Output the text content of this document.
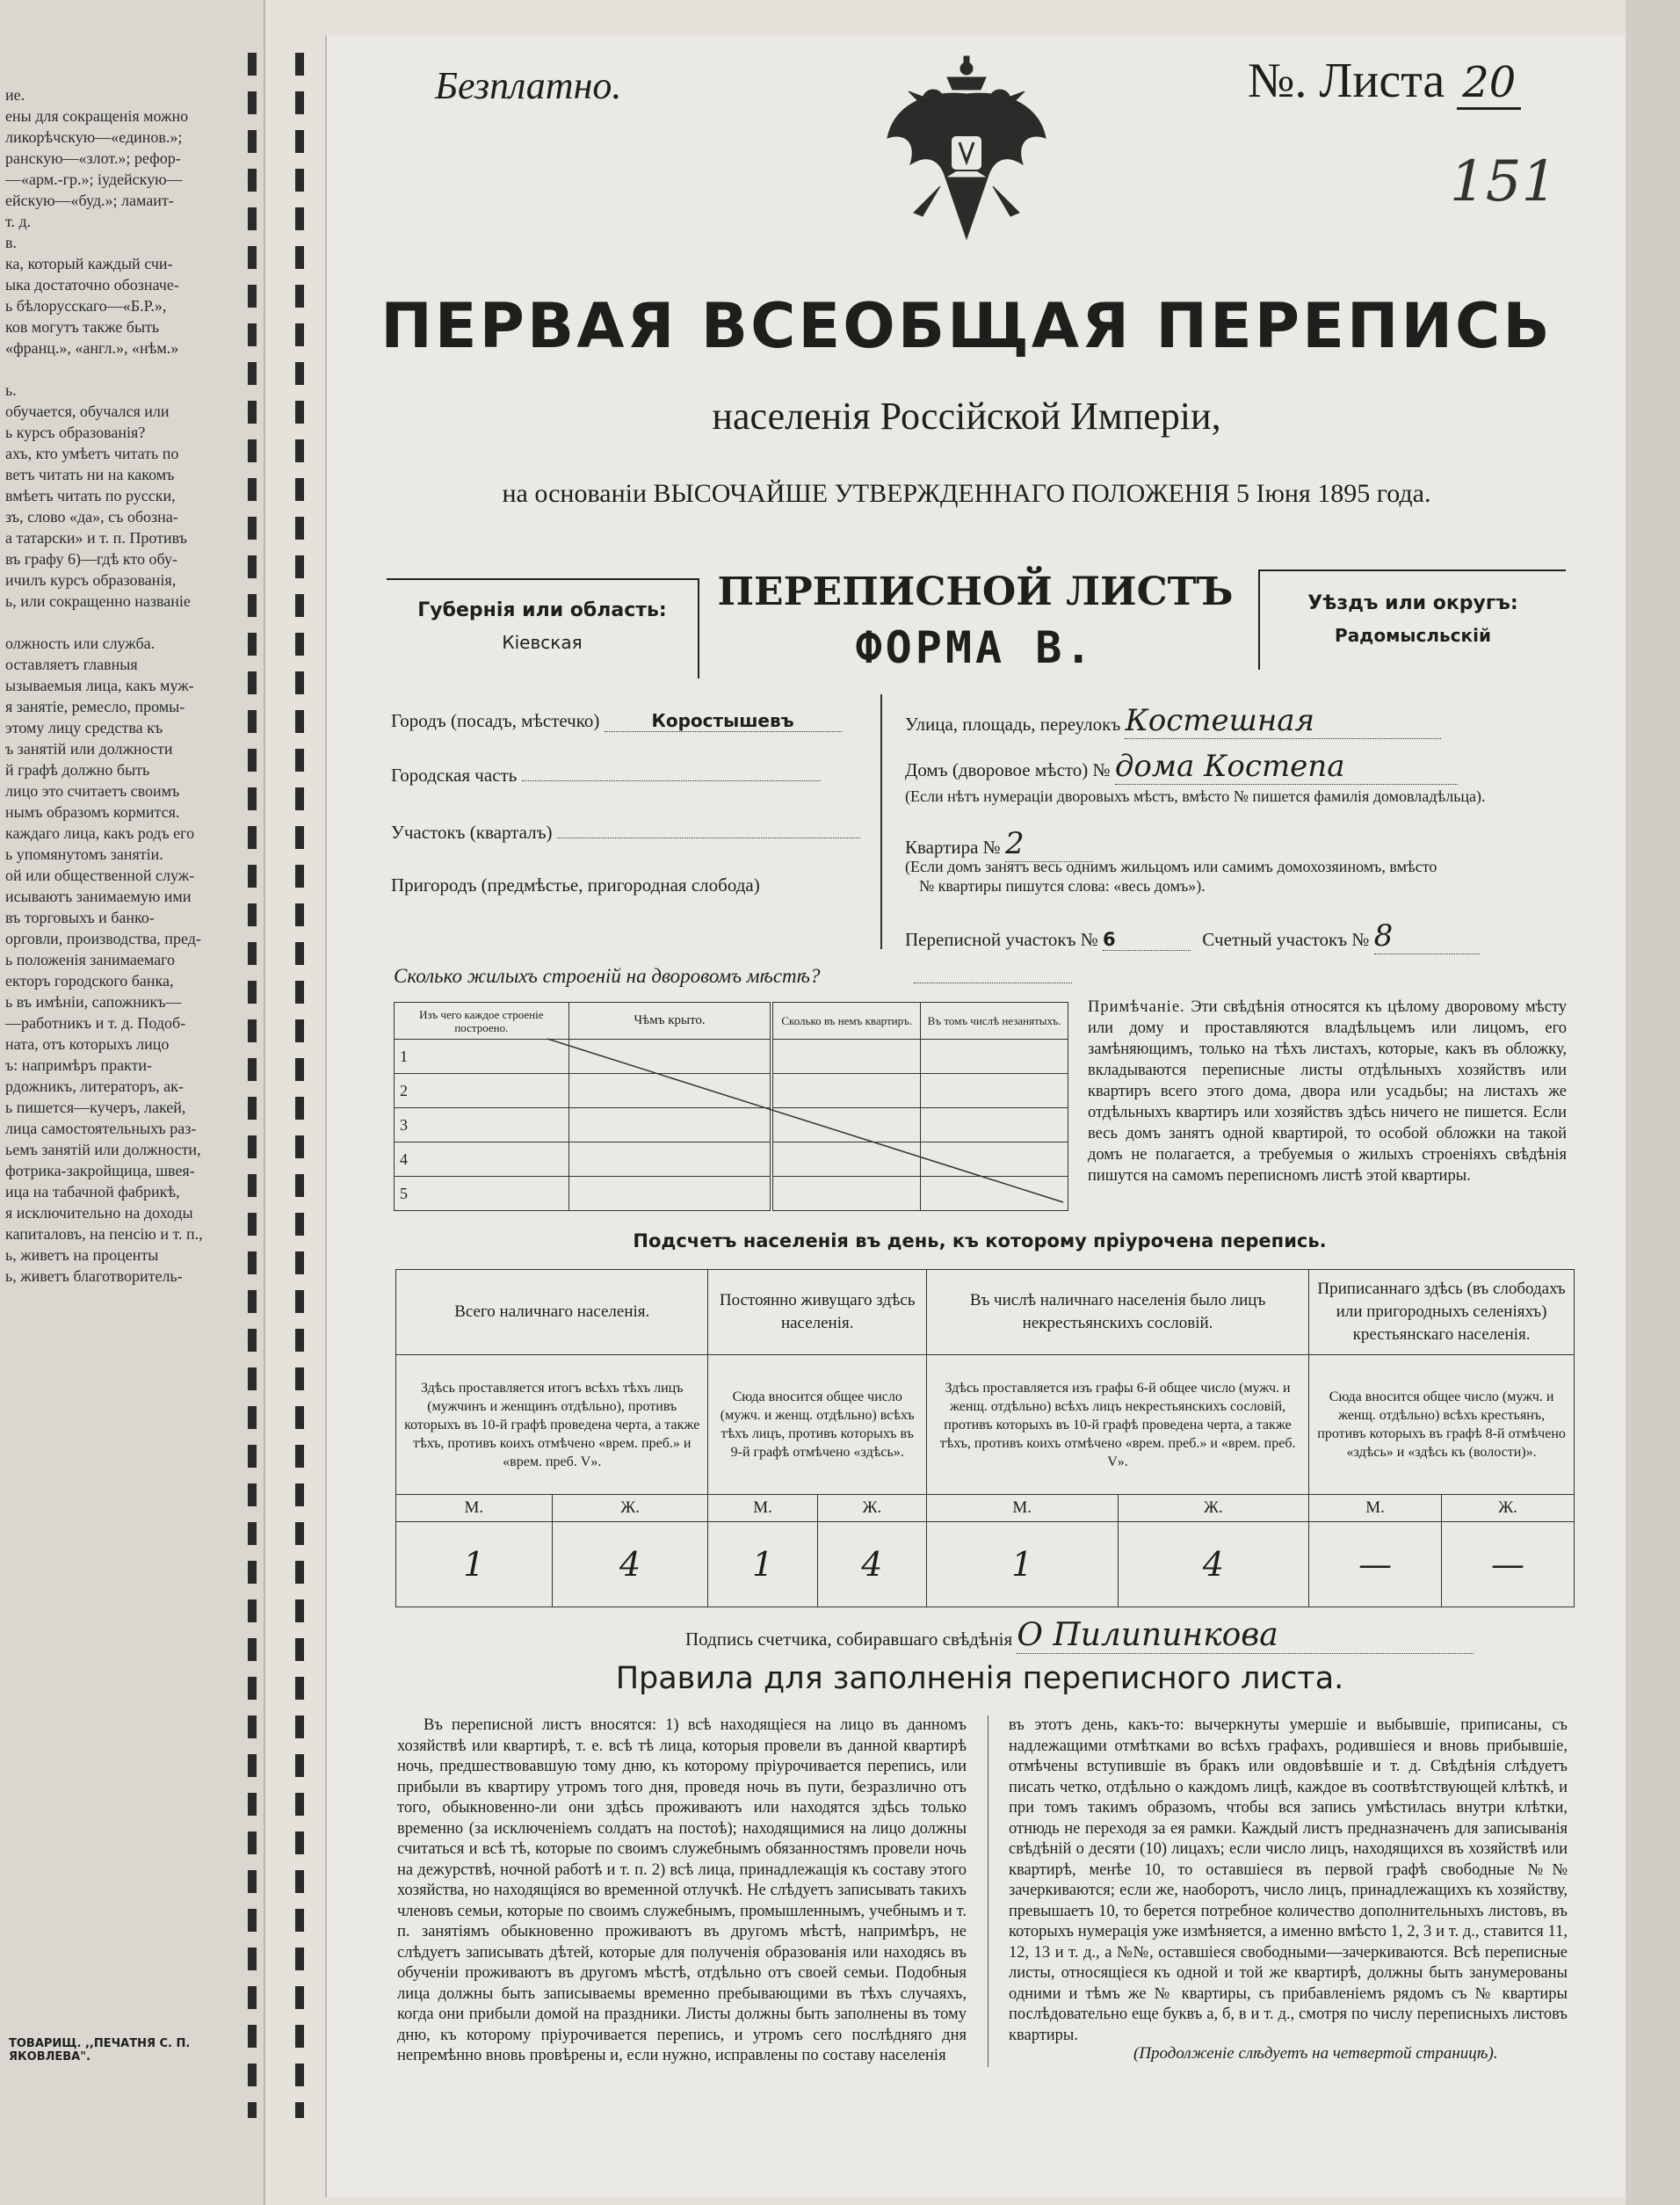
ие.
ены для сокращенія можно
ликорѣчскую—«единов.»;
ранскую—«злот.»; рефор-
—«арм.-гр.»; іудейскую—
ейскую—«буд.»; ламаит-
т. д.
в.
ка, который каждый счи-
ыка достаточно обозначе-
ь бѣлорусскаго—«Б.Р.»,
ков могутъ также быть
«франц.», «англ.», «нѣм.»
ь.
обучается, обучался или
ь курсъ образованія?
ахъ, кто умѣетъ читать по
ветъ читать ни на какомъ
вмѣетъ читать по русски,
зъ, слово «да», съ обозна-
а татарски» и т. п. Противъ
въ графу 6)—гдѣ кто обу-
ичилъ курсъ образованія,
ь, или сокращенно названіе
олжность или служба.
оставляетъ главныя
ызываемыя лица, какъ муж-
я занятіе, ремесло, промы-
этому лицу средства къ
ъ занятій или должности
й графѣ должно быть
лицо это считаетъ своимъ
нымъ образомъ кормится.
каждаго лица, какъ родъ его
ь упомянутомъ занятіи.
ой или общественной служ-
исываютъ занимаемую ими
въ торговыхъ и банко-
орговли, производства, пред-
ь положенія занимаемаго
екторъ городского банка,
ь въ имѣніи, сапожникъ—
—работникъ и т. д. Подоб-
ната, отъ которыхъ лицо
ъ: напримѣръ практи-
рдожникъ, литераторъ, ак-
ь пишется—кучеръ, лакей,
лица самостоятельныхъ раз-
ьемъ занятій или должности,
фотрика-закройщица, швея-
ица на табачной фабрикѣ,
я исключительно на доходы
капиталовъ, на пенсію и т. п.,
ь, живетъ на проценты
ь, живетъ благотворитель-
ТОВАРИЩ. ,,ПЕЧАТНЯ С. П. ЯКОВЛЕВА".
Безплатно.	№. Листа 20
151
ПЕРВАЯ ВСЕОБЩАЯ ПЕРЕПИСЬ
населенія Россійской Имперіи,
на основаніи ВЫСОЧАЙШЕ УТВЕРЖДЕННАГО ПОЛОЖЕНІЯ 5 Іюня 1895 года.
Губернія или область:
Кіевская
ПЕРЕПИСНОЙ ЛИСТЪ
ФОРМА В.
Уѣздъ или округъ:
Радомысльскій
Городъ (посадъ, мѣстечко)	Коростышевъ
Городская часть
Участокъ (кварталъ)
Пригородъ (предмѣстье, пригородная слобода)
Улица, площадь, переулокъ Костешная
Домъ (дворовое мѣсто) № дома Костепа
(Если нѣтъ нумераціи дворовыхъ мѣстъ, вмѣсто № пишется фамилія домовладѣльца).
Квартира № 2
(Если домъ занятъ весь однимъ жильцомъ или самимъ домохозяиномъ, вмѣсто
№ квартиры пишутся слова: «весь домъ»).
Переписной участокъ № 6	Счетный участокъ № 8
Сколько жилыхъ строеній на дворовомъ мѣстѣ?
Изъ чего каждое строеніе построено.	Чѣмъ крыто.	Сколько въ немъ квартиръ.	Въ томъ числѣ незанятыхъ.
1			
2			
3			
4			
5			
Примѣчаніе. Эти свѣдѣнія относятся къ цѣлому дворовому мѣсту или дому и проставляются владѣльцемъ или лицомъ, его замѣняющимъ, только на тѣхъ листахъ, которые, какъ въ обложку, вкладываются переписные листы отдѣльныхъ хозяйствъ или квартиръ всего этого дома, двора или усадьбы; на листахъ же отдѣльныхъ квартиръ или хозяйствъ здѣсь ничего не пишется. Если весь домъ занятъ одной квартирой, то особой обложки на такой домъ не полагается, а требуемыя о жилыхъ строеніяхъ свѣдѣнія пишутся на самомъ переписномъ листѣ этой квартиры.
Подсчетъ населенія въ день, къ которому пріурочена перепись.
Всего наличнаго населенія.		Постоянно живущаго здѣсь населенія.		Въ числѣ наличнаго населенія было лицъ некрестьянскихъ сословій.		Приписаннаго здѣсь (въ слободахъ или пригородныхъ селеніяхъ) крестьянскаго населенія.	
Здѣсь проставляется итогъ всѣхъ тѣхъ лицъ (мужчинъ и женщинъ отдѣльно), противъ которыхъ въ 10-й графѣ проведена черта, а также тѣхъ, противъ коихъ отмѣчено «врем. преб.» и «врем. преб. V».		Сюда вносится общее число (мужч. и женщ. отдѣльно) всѣхъ тѣхъ лицъ, противъ которыхъ въ 9-й графѣ отмѣчено «здѣсь».		Здѣсь проставляется изъ графы 6-й общее число (мужч. и женщ. отдѣльно) всѣхъ лицъ некрестьянскихъ сословій, противъ которыхъ въ 10-й графѣ проведена черта, а также тѣхъ, противъ коихъ отмѣчено «врем. преб.» и «врем. преб. V».		Сюда вносится общее число (мужч. и женщ. отдѣльно) всѣхъ крестьянъ, противъ которыхъ въ графѣ 8-й отмѣчено «здѣсь» и «здѣсь къ (волости)».	
М.	Ж.	М.	Ж.	М.	Ж.	М.	Ж.
1	4	1	4	1	4	—	—
Подпись счетчика, собиравшаго свѣдѣнія О Пилипинкова
Правила для заполненія переписного листа.
Въ переписной листъ вносятся: 1) всѣ находящіеся на лицо въ данномъ хозяйствѣ или квартирѣ, т. е. всѣ тѣ лица, которыя провели въ данной квартирѣ ночь, предшествовавшую тому дню, къ которому пріурочивается перепись, или прибыли въ квартиру утромъ того дня, проведя ночь въ пути, безразлично отъ того, обыкновенно-ли они здѣсь проживаютъ или находятся здѣсь только временно (за исключеніемъ солдатъ на постоѣ); находящимися на лицо должны считаться и всѣ тѣ, которые по своимъ служебнымъ обязанностямъ провели ночь на дежурствѣ, ночной работѣ и т. п. 2) всѣ лица, принадлежащія къ составу этого хозяйства, но находящіяся во временной отлучкѣ. Не слѣдуетъ записывать такихъ членовъ семьи, которые по своимъ служебнымъ, промышленнымъ, учебнымъ и т. п. занятіямъ обыкновенно проживаютъ въ другомъ мѣстѣ, напримѣръ, не слѣдуетъ записывать дѣтей, которые для полученія образованія или находясь въ обученіи проживаютъ въ другомъ мѣстѣ, отдѣльно отъ своей семьи. Подобныя лица должны быть записываемы временно пребывающими въ тѣхъ случаяхъ, когда они прибыли домой на праздники. Листы должны быть заполнены въ тому дню, къ которому пріурочивается перепись, и утромъ сего послѣдняго дня непремѣнно вновь провѣрены и, если нужно, исправлены по составу населенія
въ этотъ день, какъ-то: вычеркнуты умершіе и выбывшіе, приписаны, съ надлежащими отмѣтками во всѣхъ графахъ, родившіеся и вновь прибывшіе, отмѣчены вступившіе въ бракъ или овдовѣвшіе и т. д. Свѣдѣнія слѣдуетъ писать четко, отдѣльно о каждомъ лицѣ, каждое въ соотвѣтствующей клѣткѣ, и при томъ такимъ образомъ, чтобы вся запись умѣстилась внутри клѣтки, отнюдь не переходя за ея рамки. Каждый листъ предназначенъ для записыванія свѣдѣній о десяти (10) лицахъ; если число лицъ, находящихся въ хозяйствѣ или квартирѣ, менѣе 10, то оставшіеся въ первой графѣ свободные №№ зачеркиваются; если же, наоборотъ, число лицъ, принадлежащихъ къ хозяйству, превышаетъ 10, то берется потребное количество дополнительныхъ листовъ, въ которыхъ нумерація уже измѣняется, а именно вмѣсто 1, 2, 3 и т. д., ставится 11, 12, 13 и т. д., а №№, оставшіеся свободными—зачеркиваются. Всѣ переписные листы, относящіеся къ одной и той же квартирѣ, должны быть занумерованы одними и тѣмъ же № квартиры, съ прибавленіемъ рядомъ съ № квартиры послѣдовательно еще буквъ а, б, в и т. д., смотря по числу переписныхъ листовъ квартиры.
(Продолженіе слѣдуетъ на четвертой страницѣ).
